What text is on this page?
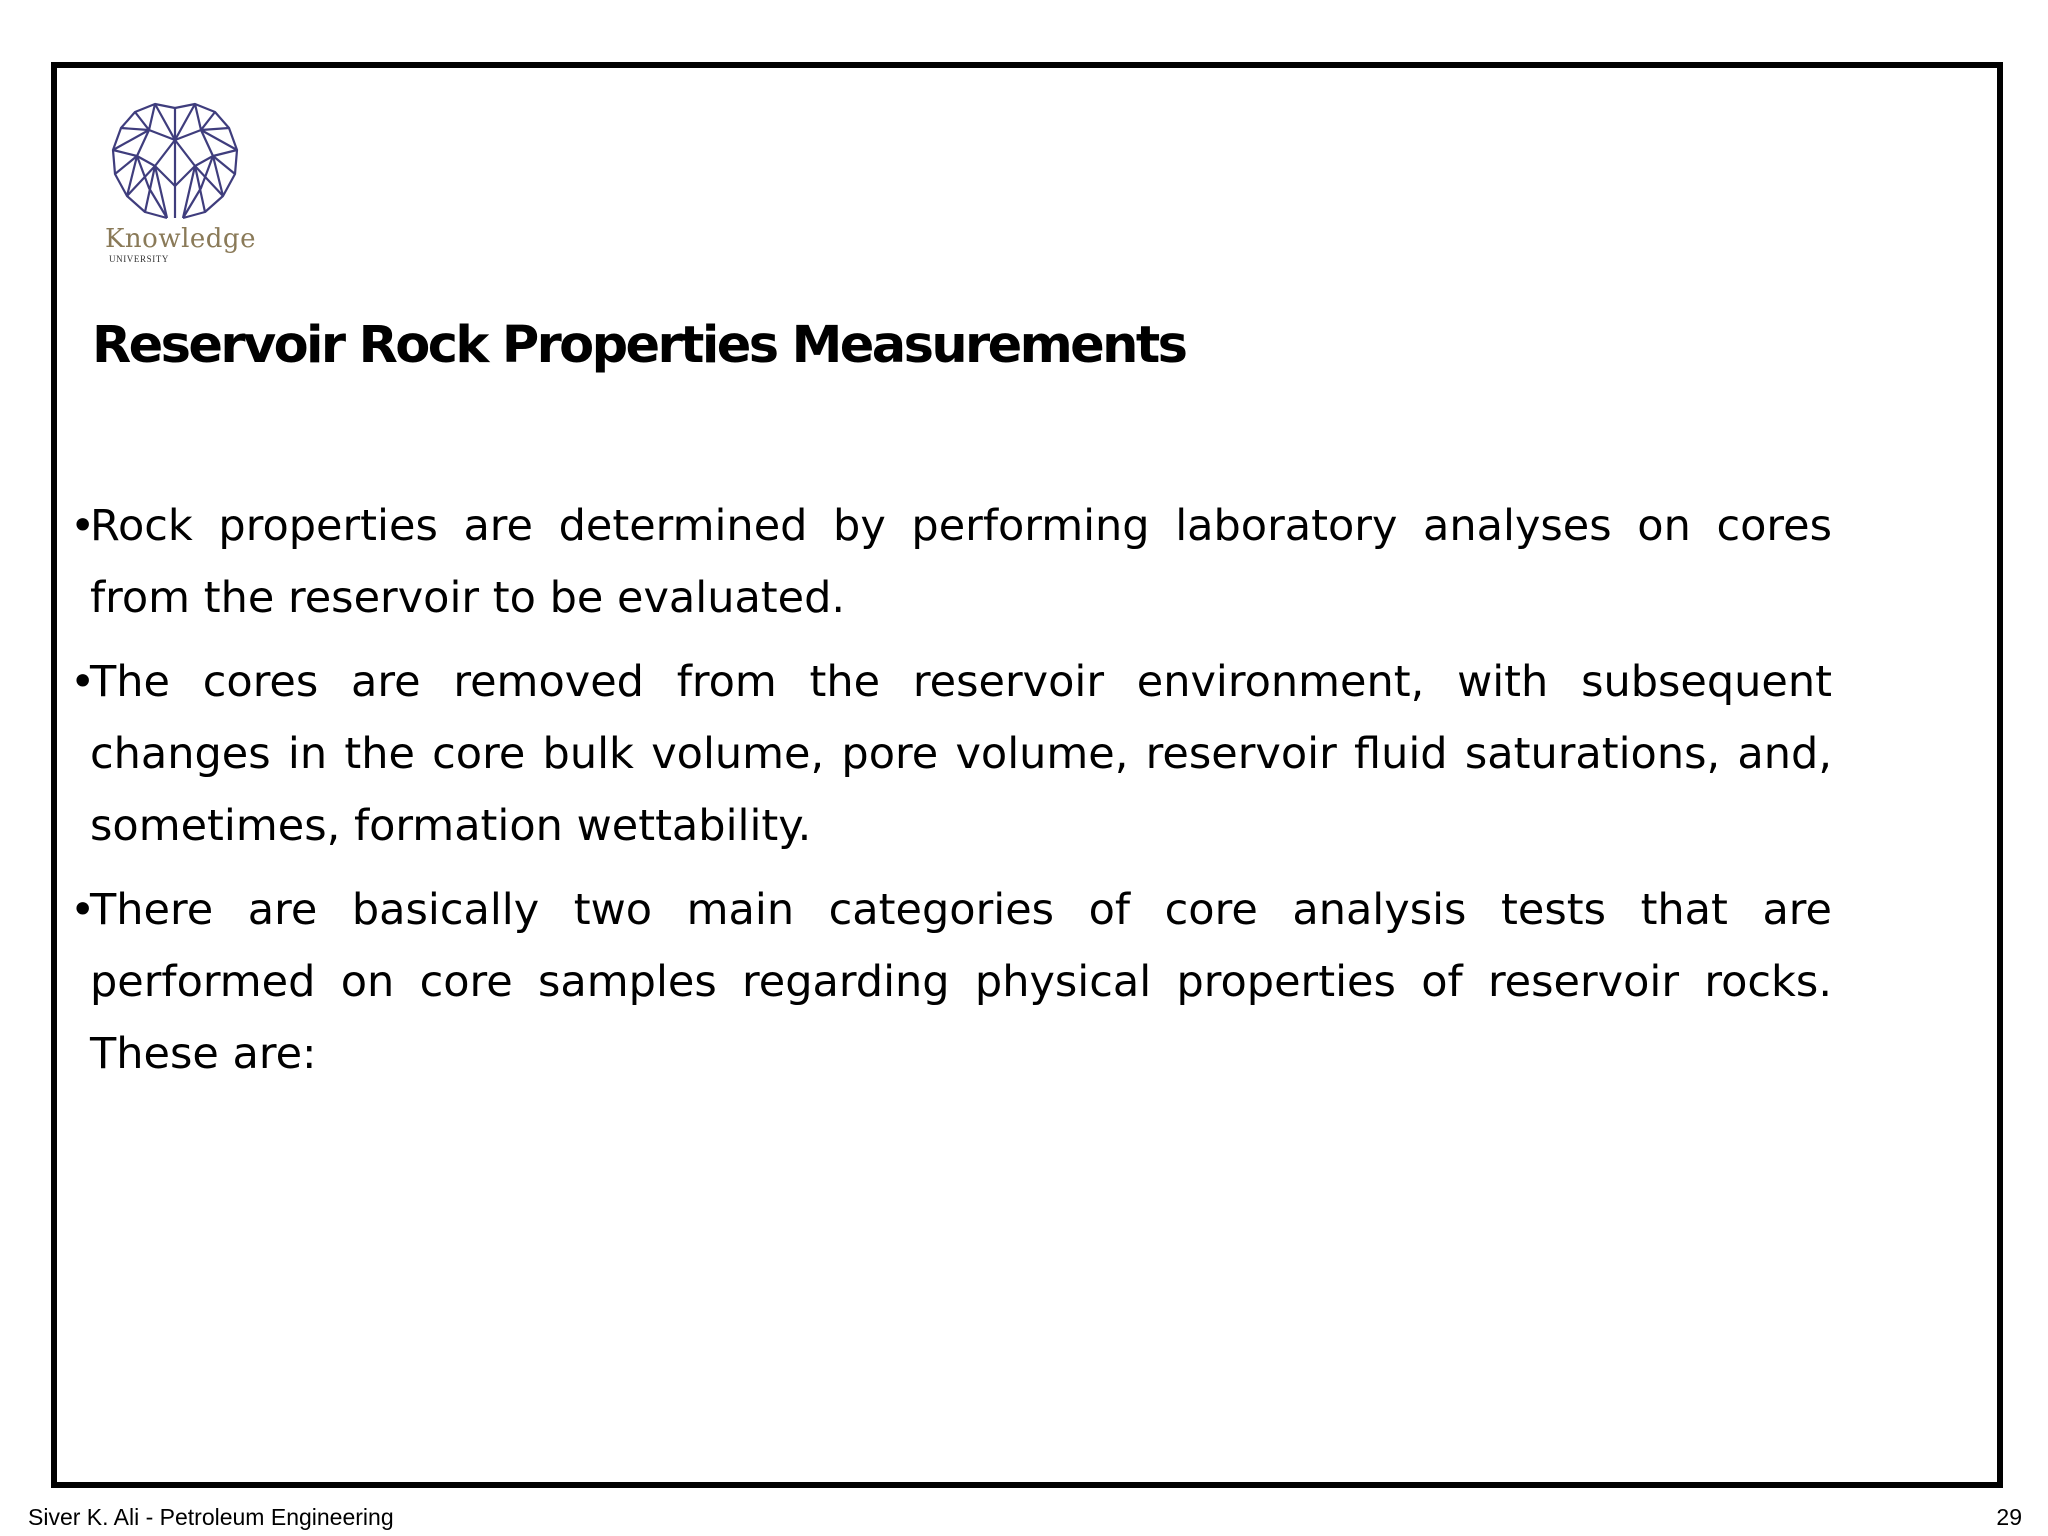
Knowledge
UNIVERSITY
Reservoir Rock Properties Measurements
•
Rock properties are determined by performing laboratory analyses on cores from the reservoir to be evaluated.
•
The cores are removed from the reservoir environment, with subsequent changes in the core bulk volume, pore volume, reservoir fluid saturations, and, sometimes, formation wettability.
•
There are basically two main categories of core analysis tests that are performed on core samples regarding physical properties of reservoir rocks. These are:
Siver K. Ali - Petroleum Engineering	29
